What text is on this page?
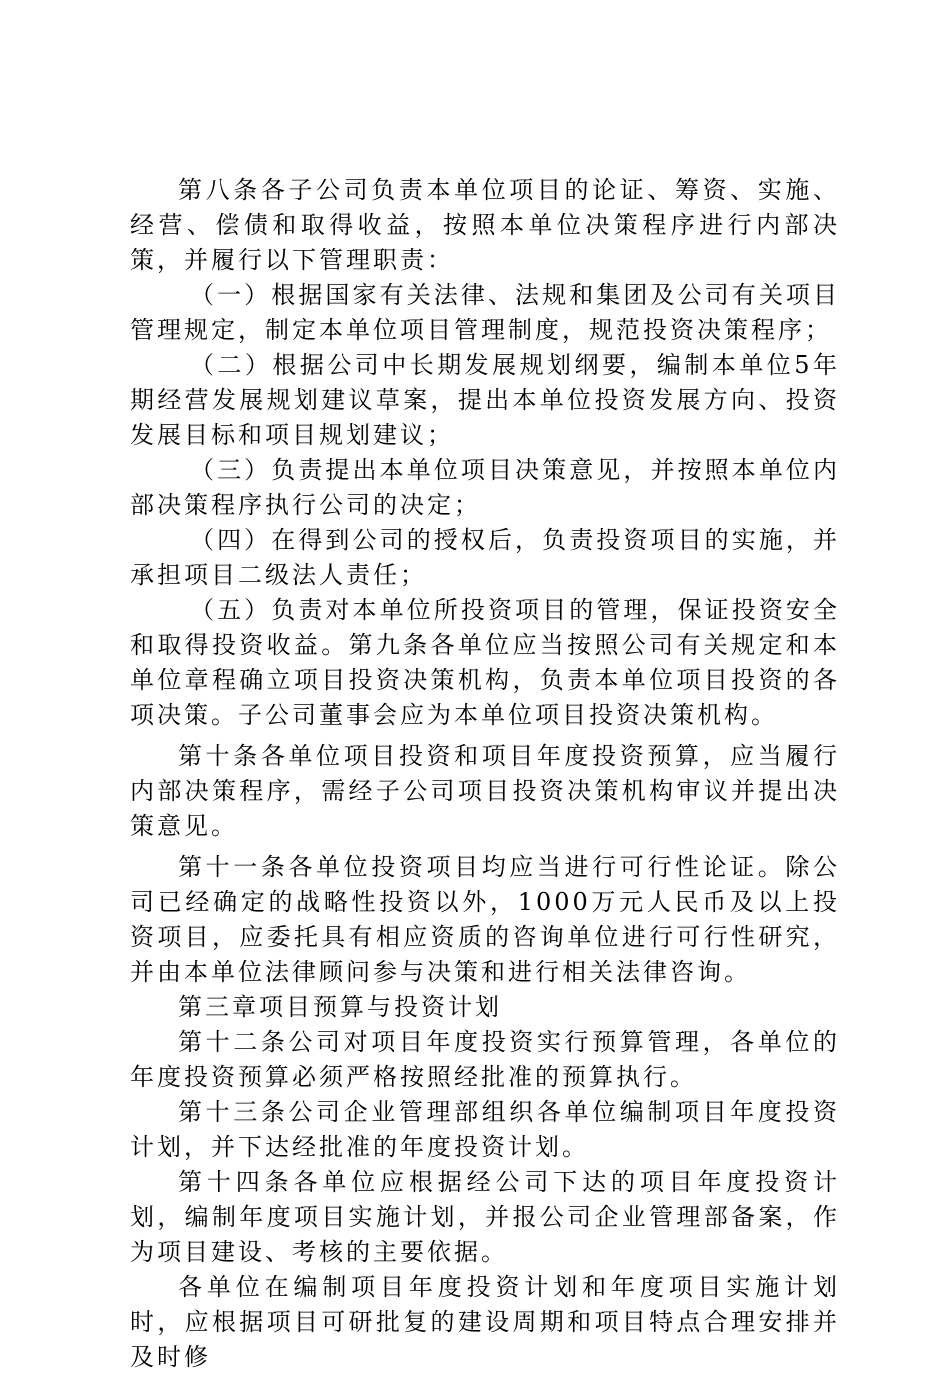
第八条各子公司负责本单位项目的论证、筹资、实施、经营、偿债和取得收益，按照本单位决策程序进行内部决策，并履行以下管理职责：

（一）根据国家有关法律、法规和集团及公司有关项目管理规定，制定本单位项目管理制度，规范投资决策程序；

（二）根据公司中长期发展规划纲要，编制本单位5年期经营发展规划建议草案，提出本单位投资发展方向、投资发展目标和项目规划建议；

（三）负责提出本单位项目决策意见，并按照本单位内部决策程序执行公司的决定；

（四）在得到公司的授权后，负责投资项目的实施，并承担项目二级法人责任；

（五）负责对本单位所投资项目的管理，保证投资安全和取得投资收益。第九条各单位应当按照公司有关规定和本单位章程确立项目投资决策机构，负责本单位项目投资的各项决策。子公司董事会应为本单位项目投资决策机构。

第十条各单位项目投资和项目年度投资预算，应当履行内部决策程序，需经子公司项目投资决策机构审议并提出决策意见。

第十一条各单位投资项目均应当进行可行性论证。除公司已经确定的战略性投资以外，1000万元人民币及以上投资项目，应委托具有相应资质的咨询单位进行可行性研究，并由本单位法律顾问参与决策和进行相关法律咨询。

第三章项目预算与投资计划

第十二条公司对项目年度投资实行预算管理，各单位的年度投资预算必须严格按照经批准的预算执行。

第十三条公司企业管理部组织各单位编制项目年度投资计划，并下达经批准的年度投资计划。

第十四条各单位应根据经公司下达的项目年度投资计划，编制年度项目实施计划，并报公司企业管理部备案，作为项目建设、考核的主要依据。

各单位在编制项目年度投资计划和年度项目实施计划时，应根据项目可研批复的建设周期和项目特点合理安排并及时修
